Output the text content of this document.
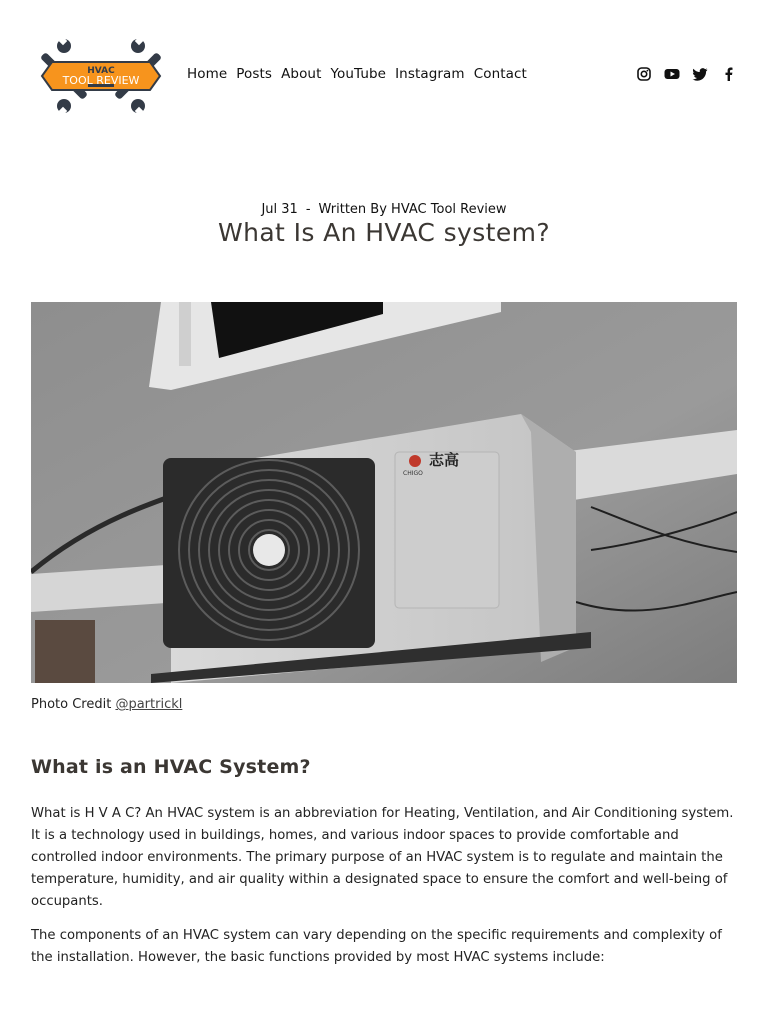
HVAC
TOOL REVIEW	Home Posts About YouTube Instagram Contact
Jul 31 - Written By HVAC Tool Review
What Is An HVAC system?
志高
CHIGO
Photo Credit @partrickl
What is an HVAC System?

What is H V A C? An HVAC system is an abbreviation for Heating, Ventilation, and Air Conditioning system. It is a technology used in buildings, homes, and various indoor spaces to provide comfortable and controlled indoor environments. The primary purpose of an HVAC system is to regulate and maintain the temperature, humidity, and air quality within a designated space to ensure the comfort and well-being of occupants.

The components of an HVAC system can vary depending on the specific requirements and complexity of the installation. However, the basic functions provided by most HVAC systems include:
